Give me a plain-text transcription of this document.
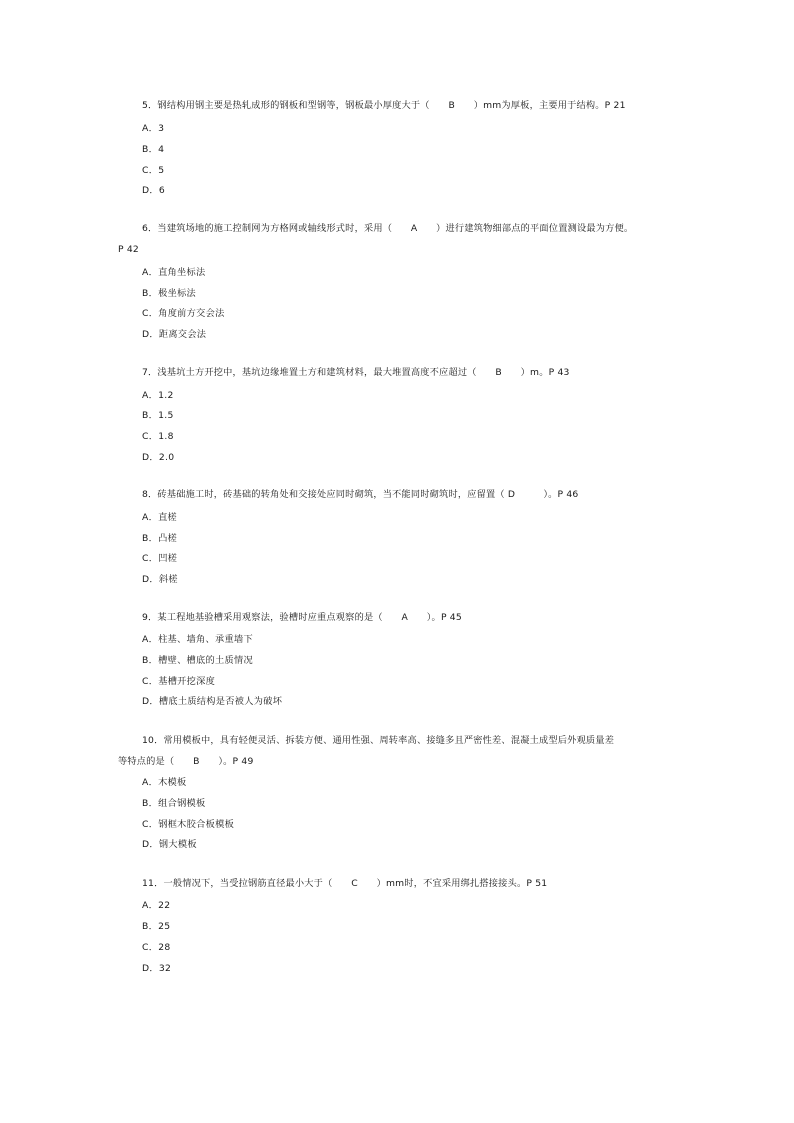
5．钢结构用钢主要是热轧成形的钢板和型钢等，钢板最小厚度大于（　　B　　）mm为厚板，主要用于结构。P 21
A．3
B．4
C．5
D．6
6．当建筑场地的施工控制网为方格网或轴线形式时，采用（　　A　　）进行建筑物细部点的平面位置测设最为方便。
P 42
A．直角坐标法
B．极坐标法
C．角度前方交会法
D．距离交会法
7．浅基坑土方开挖中，基坑边缘堆置土方和建筑材料，最大堆置高度不应超过（　　B　　）m。P 43
A．1.2
B．1.5
C．1.8
D．2.0
8．砖基础施工时，砖基础的转角处和交接处应同时砌筑，当不能同时砌筑时，应留置（ D　　　）。P 46
A．直槎
B．凸槎
C．凹槎
D．斜槎
9．某工程地基验槽采用观察法，验槽时应重点观察的是（　　A　　）。P 45
A．柱基、墙角、承重墙下
B．槽壁、槽底的土质情况
C．基槽开挖深度
D．槽底土质结构是否被人为破坏
10．常用模板中，具有轻便灵活、拆装方便、通用性强、周转率高、接缝多且严密性差、混凝土成型后外观质量差
等特点的是（　　B　　）。P 49
A．木模板
B．组合钢模板
C．钢框木胶合板模板
D．钢大模板
11．一般情况下，当受拉钢筋直径最小大于（　　C　　）mm时，不宜采用绑扎搭接接头。P 51
A．22
B．25
C．28
D．32
